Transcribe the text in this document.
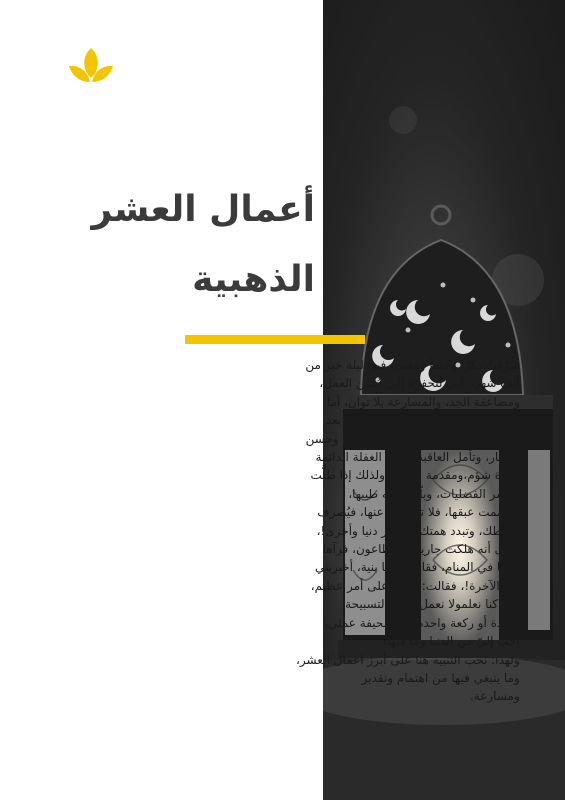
أعمال العشر
الذهبية
شرُفَتْ ذكرًا وجساً ومعنى، فيها ليلة خير من
ألف شهر، تأتي لتحفزنا إلى حُسن العمل،
ومضاعفة الجد، والمسارعة بلا توانٍ، أما
وقد غلبعلينا التكاسل، وتقهقُر الهمة، بعد
تصرم أكثر رمضان، فالواجب الوعي، وحسن
الادِّكار، وتأمل العاقبة!! وإن الغفلة الدائمة
نذارة شؤم،ومقدمة ضياع!، ولذلك إذا طلَّت
العشر الفضليات، وبلّغك الله طيبها،
وشممت عبقها، فلا تنصرف عنها، فيُصرف
نشاطك، وتبدد همتك،وتخسر دنيا وأخرى!،
يروى أنه هلكت جارية في طاعون، فرآها
أبوها في المنام، فقال لها: يا بنية، أخبريني
عن الآخرة!، فقالت: قدمنا على أمر عظيم،
وقد كنا نعلمولا نعمل، والله لتسبيحة
واحدة أو ركعة واحدة في صحيفة عملي،
أحب إليّ من الدنيا وما فيها!
ولهذا: نحب التنبيه هنا على أبرز أعمال العشر،
وما ينبغي فيها من اهتمام وتقدير
ومسارعة.
